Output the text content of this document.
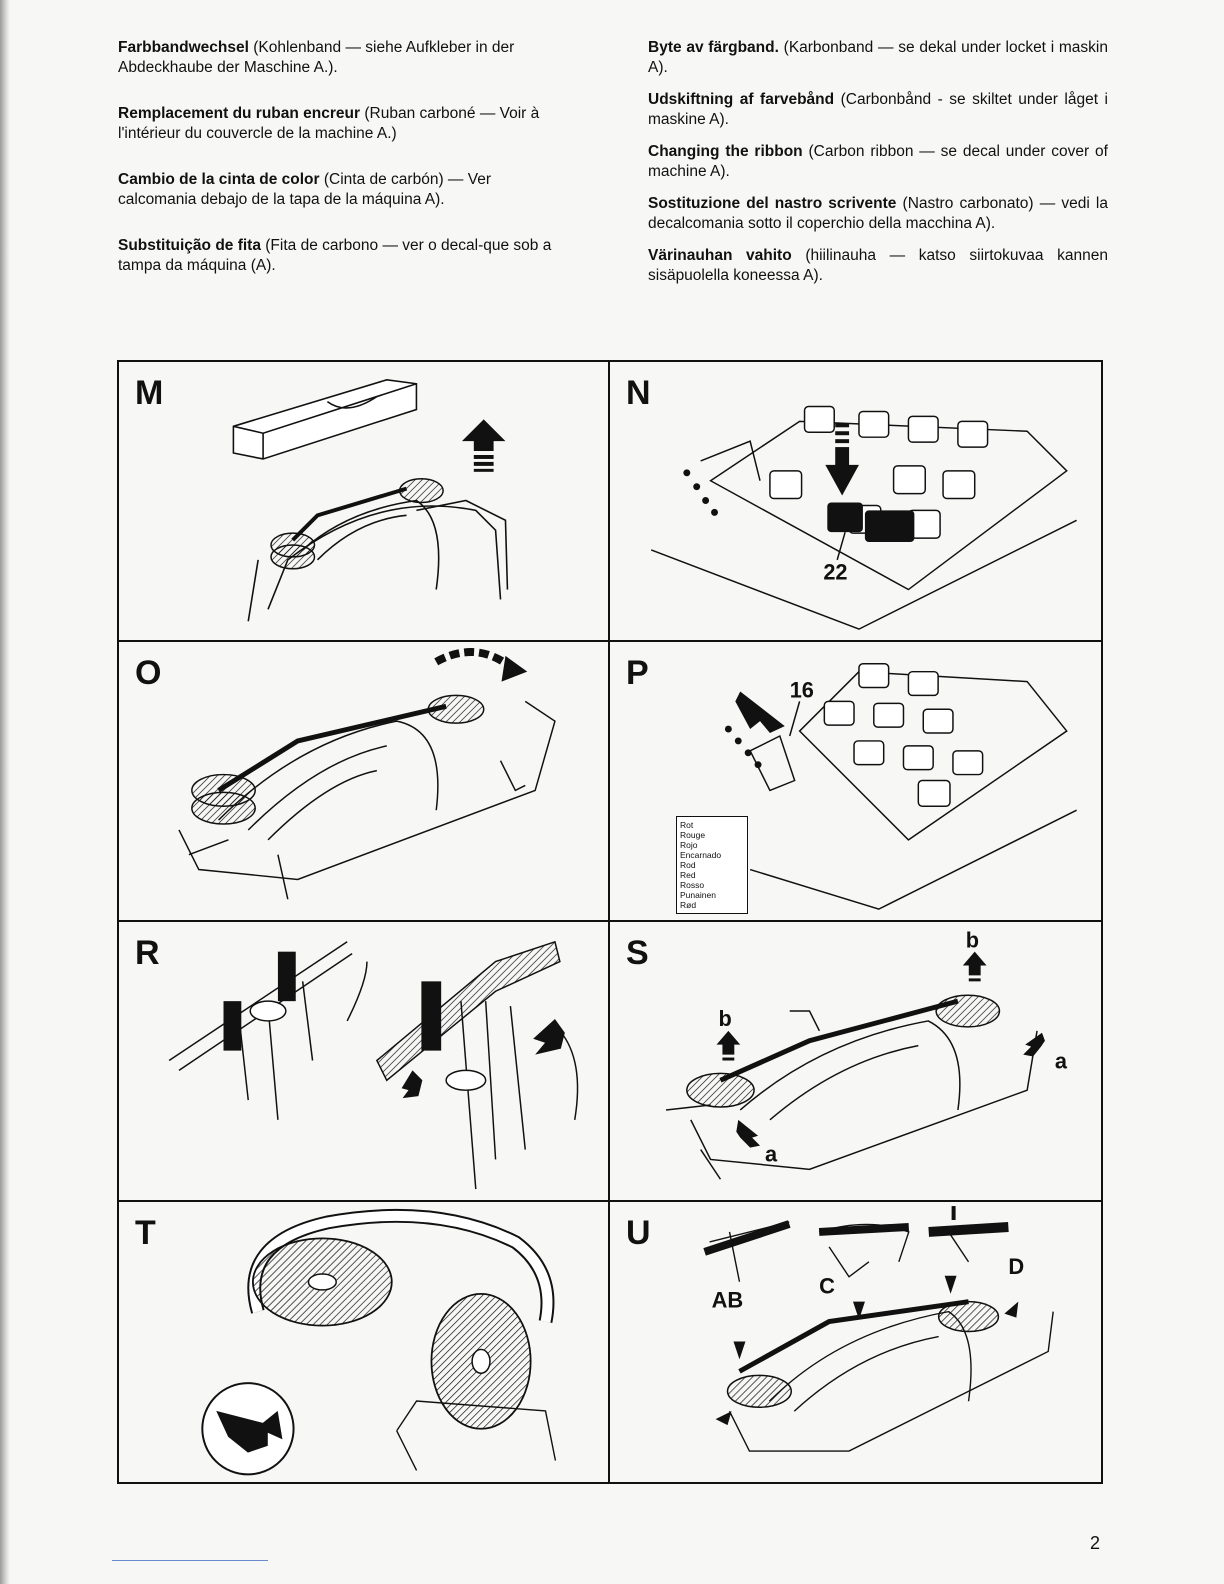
Farbbandwechsel (Kohlenband — siehe Aufkleber in der Abdeckhaube der Maschine A.).

Remplacement du ruban encreur (Ruban carboné — Voir à l'intérieur du couvercle de la machine A.)

Cambio de la cinta de color (Cinta de carbón) — Ver calcomania debajo de la tapa de la máquina A).

Substituição de fita (Fita de carbono — ver o decal-que sob a tampa da máquina (A).

Byte av färgband. (Karbonband — se dekal under locket i maskin A).

Udskiftning af farvebånd (Carbonbånd - se skiltet under låget i maskine A).

Changing the ribbon (Carbon ribbon — se decal under cover of machine A).

Sostituzione del nastro scrivente (Nastro carbonato) — vedi la decalcomania sotto il coperchio della macchina A).

Värinauhan vahito (hiilinauha — katso siirtokuvaa kannen sisäpuolella koneessa A).

M
22
N
O	16
P
Rot
Rouge
Rojo
Encarnado
Rod
Red
Rosso
Punainen
Rød
R
b
b
a
a
S
T
AB
C
D
U
2
